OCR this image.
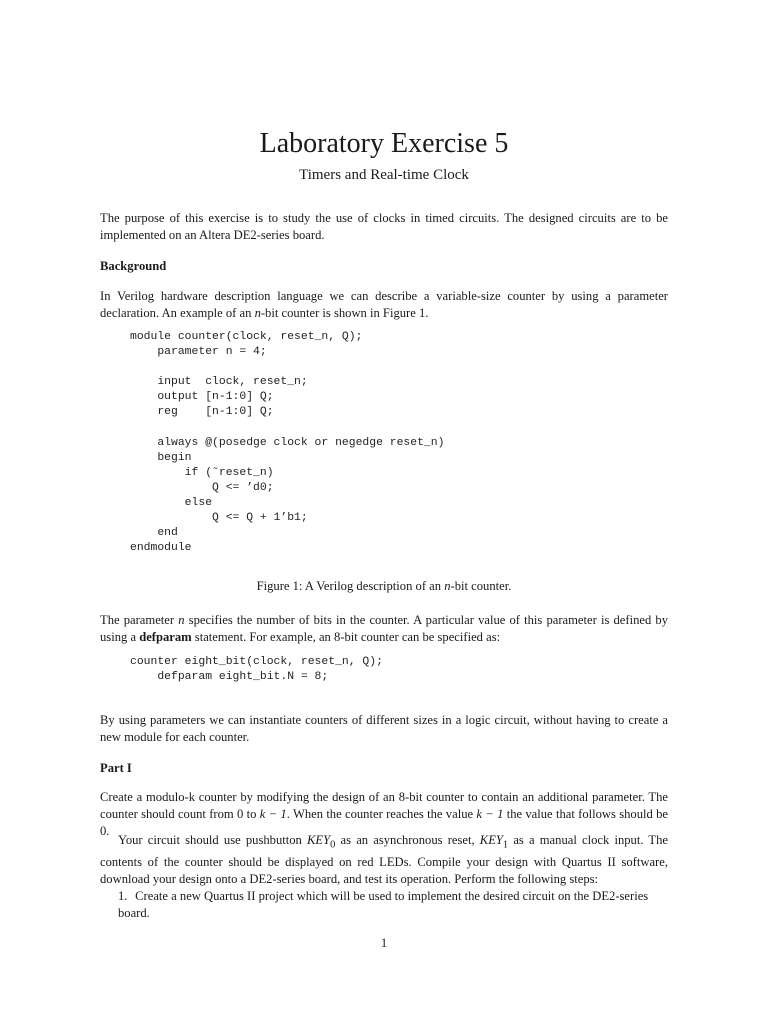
Laboratory Exercise 5
Timers and Real-time Clock

The purpose of this exercise is to study the use of clocks in timed circuits. The designed circuits are to be implemented on an Altera DE2-series board.

Background

In Verilog hardware description language we can describe a variable-size counter by using a parameter declaration. An example of an n-bit counter is shown in Figure 1.

module counter(clock, reset_n, Q);
parameter n = 4;

input  clock, reset_n;
output [n-1:0] Q;
reg    [n-1:0] Q;

always @(posedge clock or negedge reset_n)
begin
if (˜reset_n)
Q <= ’d0;
else
Q <= Q + 1’b1;
end
endmodule
Figure 1: A Verilog description of an n-bit counter.

The parameter n specifies the number of bits in the counter. A particular value of this parameter is defined by using a defparam statement. For example, an 8-bit counter can be specified as:

counter eight_bit(clock, reset_n, Q);
defparam eight_bit.N = 8;

By using parameters we can instantiate counters of different sizes in a logic circuit, without having to create a new module for each counter.

Part I

Create a modulo-k counter by modifying the design of an 8-bit counter to contain an additional parameter. The counter should count from 0 to k − 1. When the counter reaches the value k − 1 the value that follows should be 0.

Your circuit should use pushbutton $KEY_0$ as an asynchronous reset, $KEY_1$ as a manual clock input. The contents of the counter should be displayed on red LEDs. Compile your design with Quartus II software, download your design onto a DE2-series board, and test its operation. Perform the following steps:

1. Create a new Quartus II project which will be used to implement the desired circuit on the DE2-series board.
1
